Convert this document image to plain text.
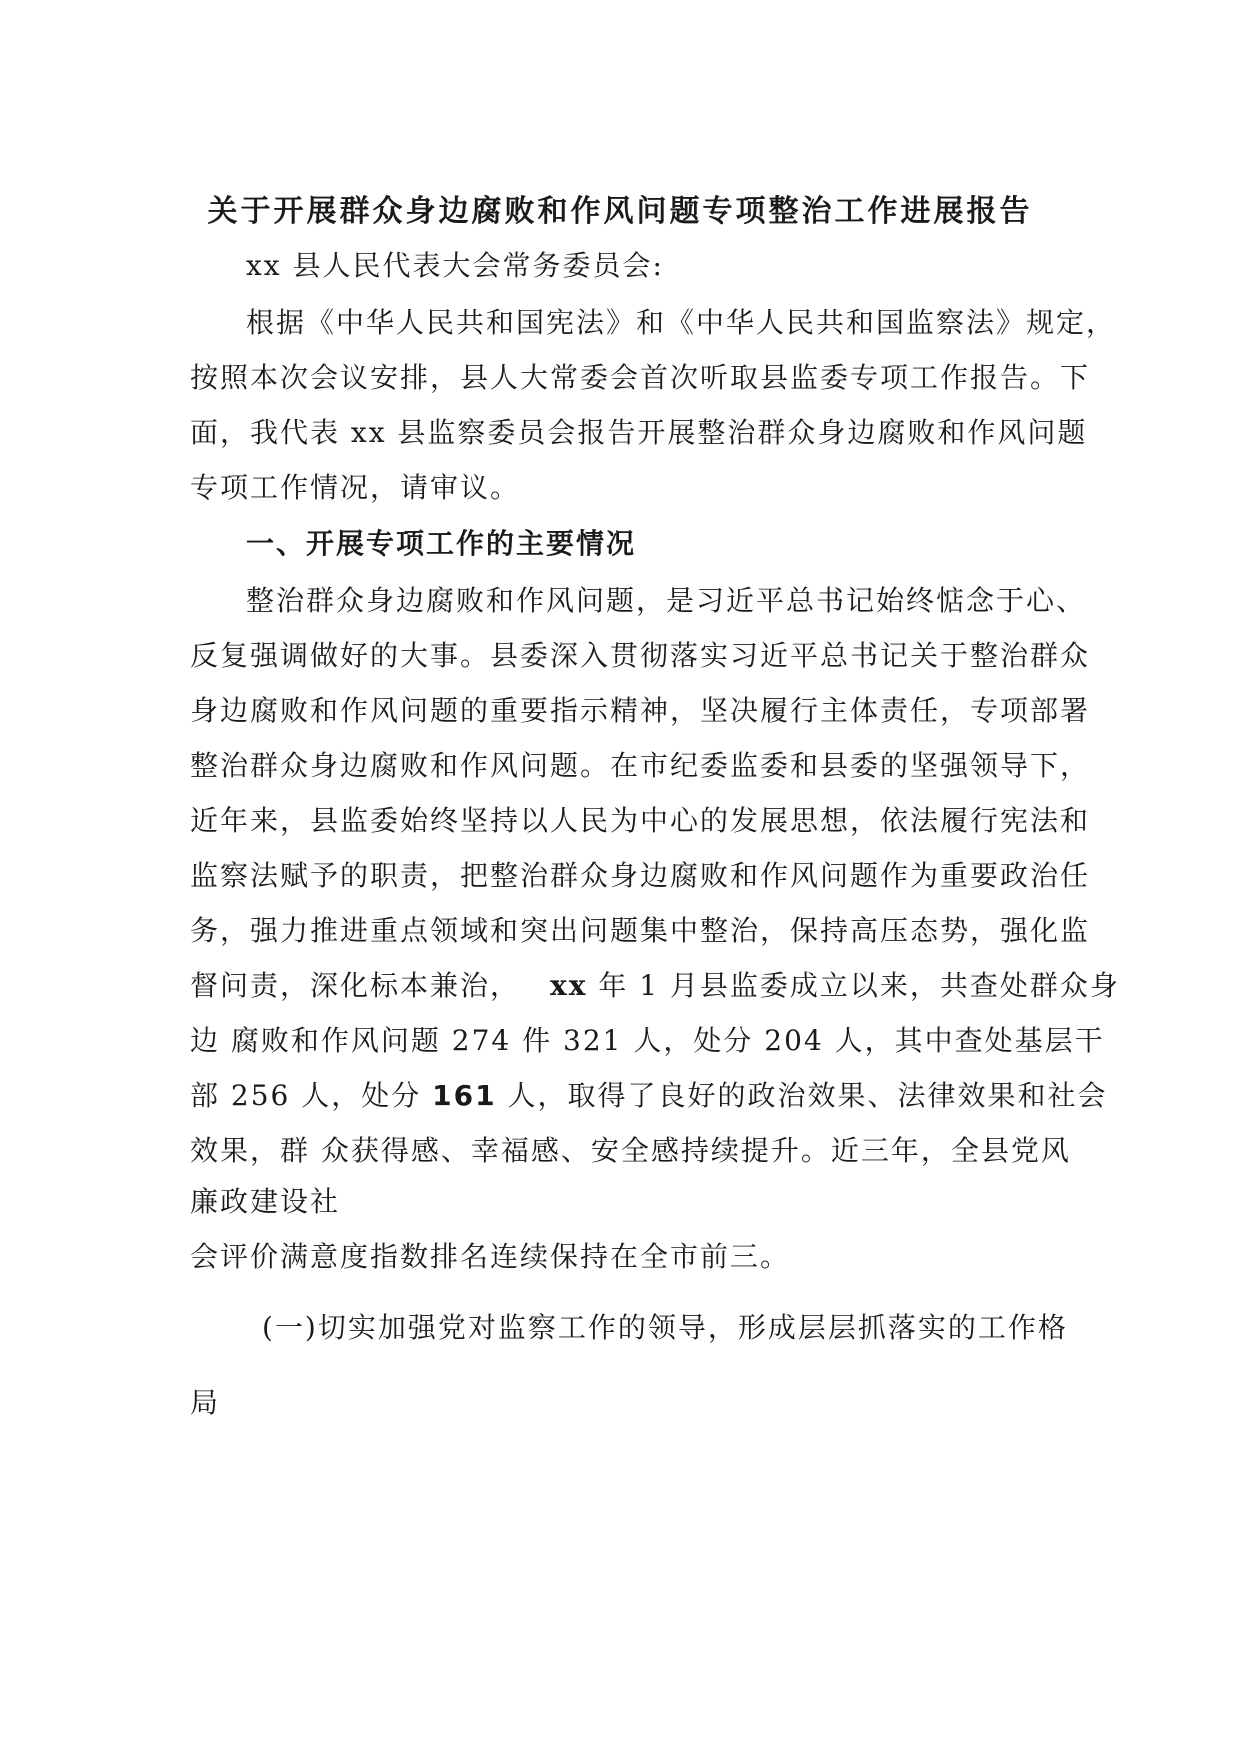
关于开展群众身边腐败和作风问题专项整治工作进展报告
xx 县人民代表大会常务委员会:
根据《中华人民共和国宪法》和《中华人民共和国监察法》规定，
按照本次会议安排，县人大常委会首次听取县监委专项工作报告。下
面，我代表 xx 县监察委员会报告开展整治群众身边腐败和作风问题
专项工作情况，请审议。
一、开展专项工作的主要情况
整治群众身边腐败和作风问题，是习近平总书记始终惦念于心、
反复强调做好的大事。县委深入贯彻落实习近平总书记关于整治群众
身边腐败和作风问题的重要指示精神，坚决履行主体责任，专项部署
整治群众身边腐败和作风问题。在市纪委监委和县委的坚强领导下，
近年来，县监委始终坚持以人民为中心的发展思想，依法履行宪法和
监察法赋予的职责，把整治群众身边腐败和作风问题作为重要政治任
务，强力推进重点领域和突出问题集中整治，保持高压态势，强化监
督问责，深化标本兼治， xx 年 1 月县监委成立以来，共查处群众身
边 腐败和作风问题 274 件 321 人，处分 204 人，其中查处基层干
部 256 人，处分 161 人，取得了良好的政治效果、法律效果和社会
效果，群 众获得感、幸福感、安全感持续提升。近三年，全县党风
廉政建设社
会评价满意度指数排名连续保持在全市前三。
(一)切实加强党对监察工作的领导，形成层层抓落实的工作格
局
